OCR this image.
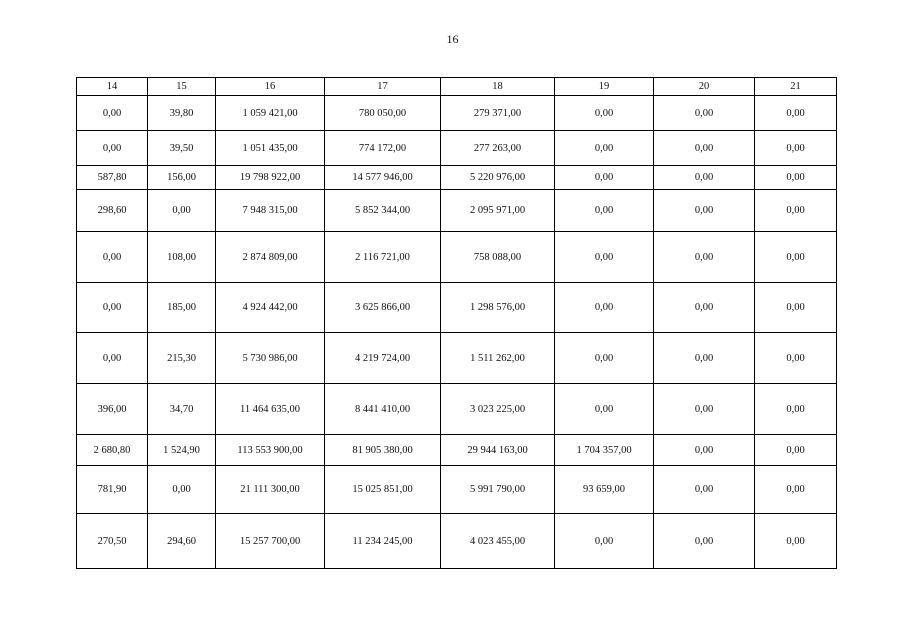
16
14	15	16	17	18	19	20	21
0,00	39,80	1 059 421,00	780 050,00	279 371,00	0,00	0,00	0,00
0,00	39,50	1 051 435,00	774 172,00	277 263,00	0,00	0,00	0,00
587,80	156,00	19 798 922,00	14 577 946,00	5 220 976,00	0,00	0,00	0,00
298,60	0,00	7 948 315,00	5 852 344,00	2 095 971,00	0,00	0,00	0,00
0,00	108,00	2 874 809,00	2 116 721,00	758 088,00	0,00	0,00	0,00
0,00	185,00	4 924 442,00	3 625 866,00	1 298 576,00	0,00	0,00	0,00
0,00	215,30	5 730 986,00	4 219 724,00	1 511 262,00	0,00	0,00	0,00
396,00	34,70	11 464 635,00	8 441 410,00	3 023 225,00	0,00	0,00	0,00
2 680,80	1 524,90	113 553 900,00	81 905 380,00	29 944 163,00	1 704 357,00	0,00	0,00
781,90	0,00	21 111 300,00	15 025 851,00	5 991 790,00	93 659,00	0,00	0,00
270,50	294,60	15 257 700,00	11 234 245,00	4 023 455,00	0,00	0,00	0,00
